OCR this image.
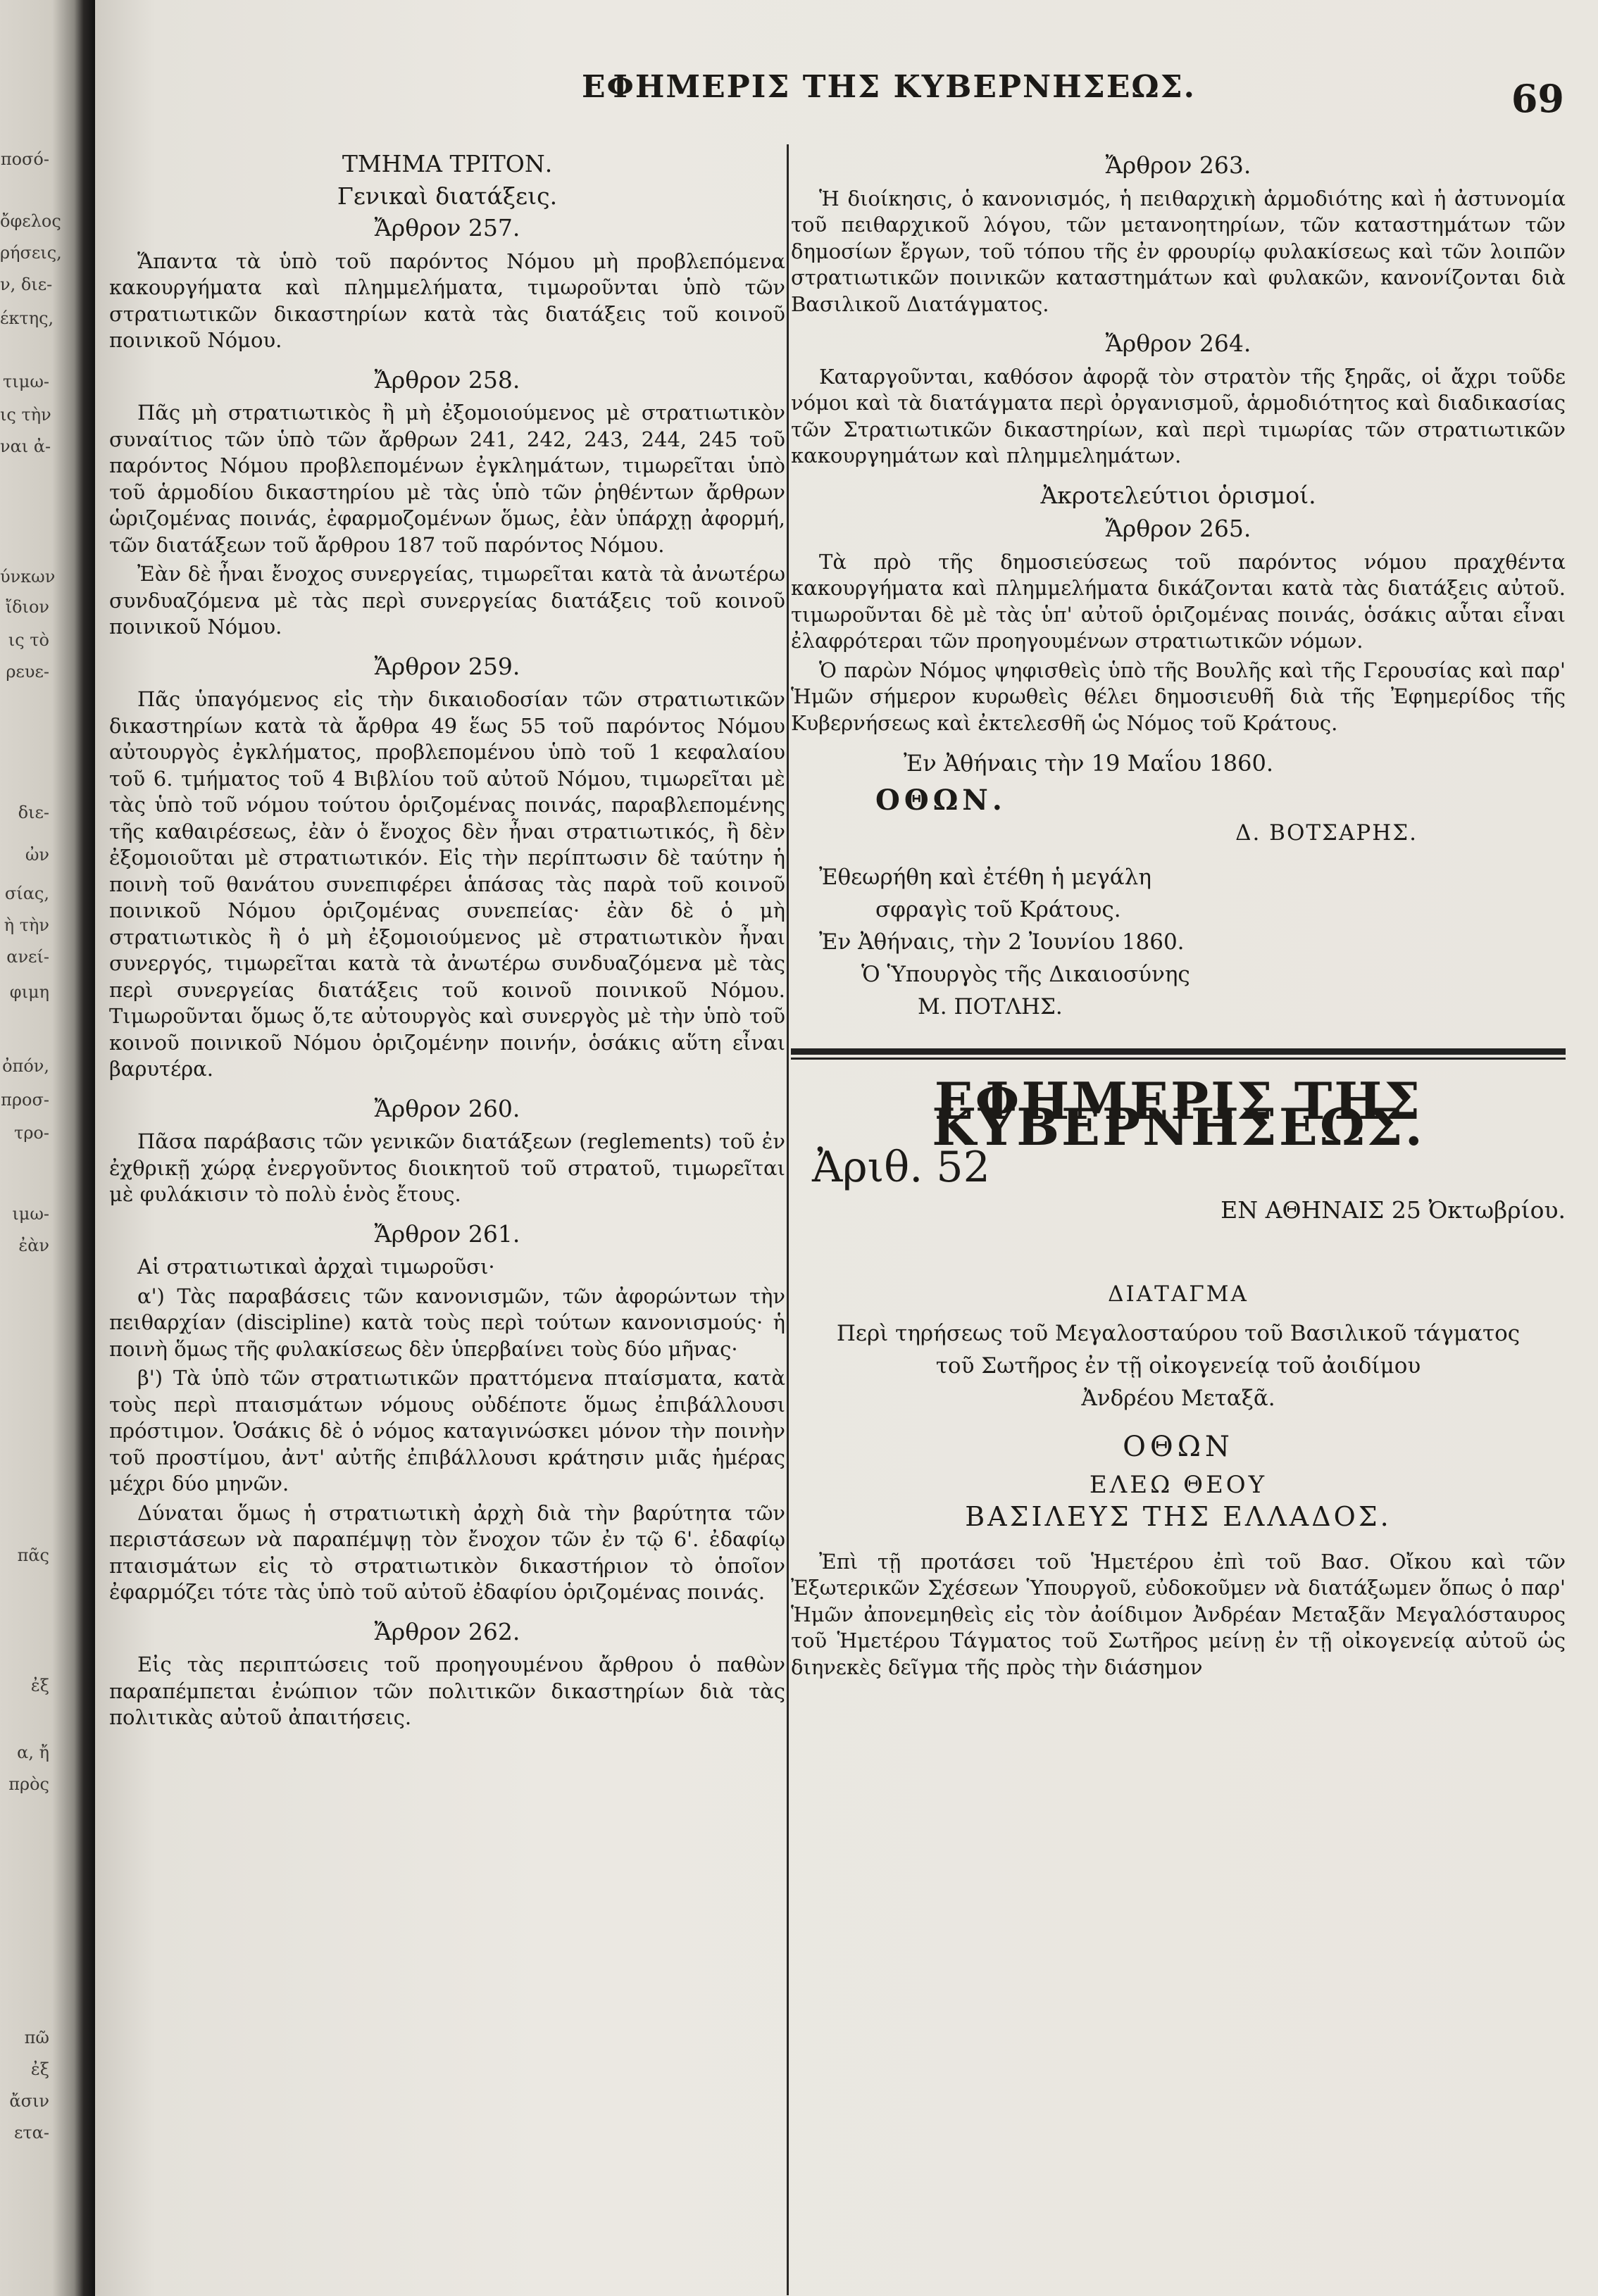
ποσό-
ὄφελος
ρήσεις,
ν, διε-
έκτης,
τιμω-
ις τὴν
ναι ἀ-
ύνκων
ἴδιον
ις τὸ
ρευε-
διε-
ὠν
σίας,
ὴ τὴν
ανεί-
φιμη
ὀπόν,
προσ-
τρο-
ιμω-
ἐὰν
πᾶς
ἐξ
α, ἤ
πρὸς
πῶ
ἐξ
ἄσιν
ετα-
ΕΦΗΜΕΡΙΣ ΤΗΣ ΚΥΒΕΡΝΗΣΕΩΣ.	69
ΤΜΗΜΑ ΤΡΙΤΟΝ.
Γενικαὶ διατάξεις.
Ἄρθρον 257.

Ἅπαντα τὰ ὑπὸ τοῦ παρόντος Νόμου μὴ προβλεπόμενα κακουργήματα καὶ πλημμελήματα, τιμωροῦνται ὑπὸ τῶν στρατιωτικῶν δικαστηρίων κατὰ τὰς διατάξεις τοῦ κοινοῦ ποινικοῦ Νόμου.

Ἄρθρον 258.

Πᾶς μὴ στρατιωτικὸς ἢ μὴ ἐξομοιούμενος μὲ στρατιωτικὸν συναίτιος τῶν ὑπὸ τῶν ἄρθρων 241, 242, 243, 244, 245 τοῦ παρόντος Νόμου προβλεπομένων ἐγκλημάτων, τιμωρεῖται ὑπὸ τοῦ ἁρμοδίου δικαστηρίου μὲ τὰς ὑπὸ τῶν ῥηθέντων ἄρθρων ὡριζομένας ποινάς, ἐφαρμοζομένων ὅμως, ἐὰν ὑπάρχῃ ἀφορμή, τῶν διατάξεων τοῦ ἄρθρου 187 τοῦ παρόντος Νόμου.

Ἐὰν δὲ ἦναι ἔνοχος συνεργείας, τιμωρεῖται κατὰ τὰ ἀνωτέρω συνδυαζόμενα μὲ τὰς περὶ συνεργείας διατάξεις τοῦ κοινοῦ ποινικοῦ Νόμου.

Ἄρθρον 259.

Πᾶς ὑπαγόμενος εἰς τὴν δικαιοδοσίαν τῶν στρατιωτικῶν δικαστηρίων κατὰ τὰ ἄρθρα 49 ἕως 55 τοῦ παρόντος Νόμου αὐτουργὸς ἐγκλήματος, προβλεπομένου ὑπὸ τοῦ 1 κεφαλαίου τοῦ 6. τμήματος τοῦ 4 Βιβλίου τοῦ αὐτοῦ Νόμου, τιμωρεῖται μὲ τὰς ὑπὸ τοῦ νόμου τούτου ὁριζομένας ποινάς, παραβλεπομένης τῆς καθαιρέσεως, ἐὰν ὁ ἔνοχος δὲν ἦναι στρατιωτικός, ἢ δὲν ἐξομοιοῦται μὲ στρατιωτικόν. Εἰς τὴν περίπτωσιν δὲ ταύτην ἡ ποινὴ τοῦ θανάτου συνεπιφέρει ἁπάσας τὰς παρὰ τοῦ κοινοῦ ποινικοῦ Νόμου ὁριζομένας συνεπείας· ἐὰν δὲ ὁ μὴ στρατιωτικὸς ἢ ὁ μὴ ἐξομοιούμενος μὲ στρατιωτικὸν ἦναι συνεργός, τιμωρεῖται κατὰ τὰ ἀνωτέρω συνδυαζόμενα μὲ τὰς περὶ συνεργείας διατάξεις τοῦ κοινοῦ ποινικοῦ Νόμου. Τιμωροῦνται ὅμως ὅ,τε αὐτουργὸς καὶ συνεργὸς μὲ τὴν ὑπὸ τοῦ κοινοῦ ποινικοῦ Νόμου ὁριζομένην ποινήν, ὁσάκις αὕτη εἶναι βαρυτέρα.

Ἄρθρον 260.

Πᾶσα παράβασις τῶν γενικῶν διατάξεων (reglements) τοῦ ἐν ἐχθρικῇ χώρᾳ ἐνεργοῦντος διοικητοῦ τοῦ στρατοῦ, τιμωρεῖται μὲ φυλάκισιν τὸ πολὺ ἑνὸς ἔτους.

Ἄρθρον 261.

Αἱ στρατιωτικαὶ ἀρχαὶ τιμωροῦσι·

α') Τὰς παραβάσεις τῶν κανονισμῶν, τῶν ἀφορώντων τὴν πειθαρχίαν (discipline) κατὰ τοὺς περὶ τούτων κανονισμούς· ἡ ποινὴ ὅμως τῆς φυλακίσεως δὲν ὑπερβαίνει τοὺς δύο μῆνας·

β') Τὰ ὑπὸ τῶν στρατιωτικῶν πραττόμενα πταίσματα, κατὰ τοὺς περὶ πταισμάτων νόμους οὐδέποτε ὅμως ἐπιβάλλουσι πρόστιμον. Ὁσάκις δὲ ὁ νόμος καταγινώσκει μόνον τὴν ποινὴν τοῦ προστίμου, ἀντ' αὐτῆς ἐπιβάλλουσι κράτησιν μιᾶς ἡμέρας μέχρι δύο μηνῶν.

Δύναται ὅμως ἡ στρατιωτικὴ ἀρχὴ διὰ τὴν βαρύτητα τῶν περιστάσεων νὰ παραπέμψῃ τὸν ἔνοχον τῶν ἐν τῷ 6'. ἐδαφίῳ πταισμάτων εἰς τὸ στρατιωτικὸν δικαστήριον τὸ ὁποῖον ἐφαρμόζει τότε τὰς ὑπὸ τοῦ αὐτοῦ ἐδαφίου ὁριζομένας ποινάς.

Ἄρθρον 262.

Εἰς τὰς περιπτώσεις τοῦ προηγουμένου ἄρθρου ὁ παθὼν παραπέμπεται ἐνώπιον τῶν πολιτικῶν δικαστηρίων διὰ τὰς πολιτικὰς αὐτοῦ ἀπαιτήσεις.

Ἄρθρον 263.

Ἡ διοίκησις, ὁ κανονισμός, ἡ πειθαρχικὴ ἁρμοδιότης καὶ ἡ ἀστυνομία τοῦ πειθαρχικοῦ λόγου, τῶν μετανοητηρίων, τῶν καταστημάτων τῶν δημοσίων ἔργων, τοῦ τόπου τῆς ἐν φρουρίῳ φυλακίσεως καὶ τῶν λοιπῶν στρατιωτικῶν ποινικῶν καταστημάτων καὶ φυλακῶν, κανονίζονται διὰ Βασιλικοῦ Διατάγματος.

Ἄρθρον 264.

Καταργοῦνται, καθόσον ἀφορᾷ τὸν στρατὸν τῆς ξηρᾶς, οἱ ἄχρι τοῦδε νόμοι καὶ τὰ διατάγματα περὶ ὀργανισμοῦ, ἁρμοδιότητος καὶ διαδικασίας τῶν Στρατιωτικῶν δικαστηρίων, καὶ περὶ τιμωρίας τῶν στρατιωτικῶν κακουργημάτων καὶ πλημμελημάτων.

Ἀκροτελεύτιοι ὁρισμοί.
Ἄρθρον 265.

Τὰ πρὸ τῆς δημοσιεύσεως τοῦ παρόντος νόμου πραχθέντα κακουργήματα καὶ πλημμελήματα δικάζονται κατὰ τὰς διατάξεις αὐτοῦ. τιμωροῦνται δὲ μὲ τὰς ὑπ' αὐτοῦ ὁριζομένας ποινάς, ὁσάκις αὗται εἶναι ἐλαφρότεραι τῶν προηγουμένων στρατιωτικῶν νόμων.

Ὁ παρὼν Νόμος ψηφισθεὶς ὑπὸ τῆς Βουλῆς καὶ τῆς Γερουσίας καὶ παρ' Ἡμῶν σήμερον κυρωθεὶς θέλει δημοσιευθῆ διὰ τῆς Ἐφημερίδος τῆς Κυβερνήσεως καὶ ἐκτελεσθῆ ὡς Νόμος τοῦ Κράτους.

Ἐν Ἀθήναις τὴν 19 Μαΐου 1860.
ΟΘΩΝ.
Δ. ΒΟΤΣΑΡΗΣ.
Ἐθεωρήθη καὶ ἐτέθη ἡ μεγάλη
σφραγὶς τοῦ Κράτους.
Ἐν Ἀθήναις, τὴν 2 Ἰουνίου 1860.
Ὁ Ὑπουργὸς τῆς Δικαιοσύνης
Μ. ΠΟΤΛΗΣ.
ΕΦΗΜΕΡΙΣ ΤΗΣ ΚΥΒΕΡΝΗΣΕΩΣ.
Ἀριθ. 52
ΕΝ ΑΘΗΝΑΙΣ 25 Ὀκτωβρίου.
ΔΙΑΤΑΓΜΑ
Περὶ τηρήσεως τοῦ Μεγαλοσταύρου τοῦ Βασιλικοῦ τάγματος
τοῦ Σωτῆρος ἐν τῇ οἰκογενείᾳ τοῦ ἀοιδίμου
Ἀνδρέου Μεταξᾶ.
ΟΘΩΝ
ΕΛΕΩ ΘΕΟΥ
ΒΑΣΙΛΕΥΣ ΤΗΣ ΕΛΛΑΔΟΣ.

Ἐπὶ τῇ προτάσει τοῦ Ἡμετέρου ἐπὶ τοῦ Βασ. Οἴκου καὶ τῶν Ἐξωτερικῶν Σχέσεων Ὑπουργοῦ, εὐδοκοῦμεν νὰ διατάξωμεν ὅπως ὁ παρ' Ἡμῶν ἀπονεμηθεὶς εἰς τὸν ἀοίδιμον Ἀνδρέαν Μεταξᾶν Μεγαλόσταυρος τοῦ Ἡμετέρου Τάγματος τοῦ Σωτῆρος μείνῃ ἐν τῇ οἰκογενείᾳ αὐτοῦ ὡς διηνεκὲς δεῖγμα τῆς πρὸς τὴν διάσημον
